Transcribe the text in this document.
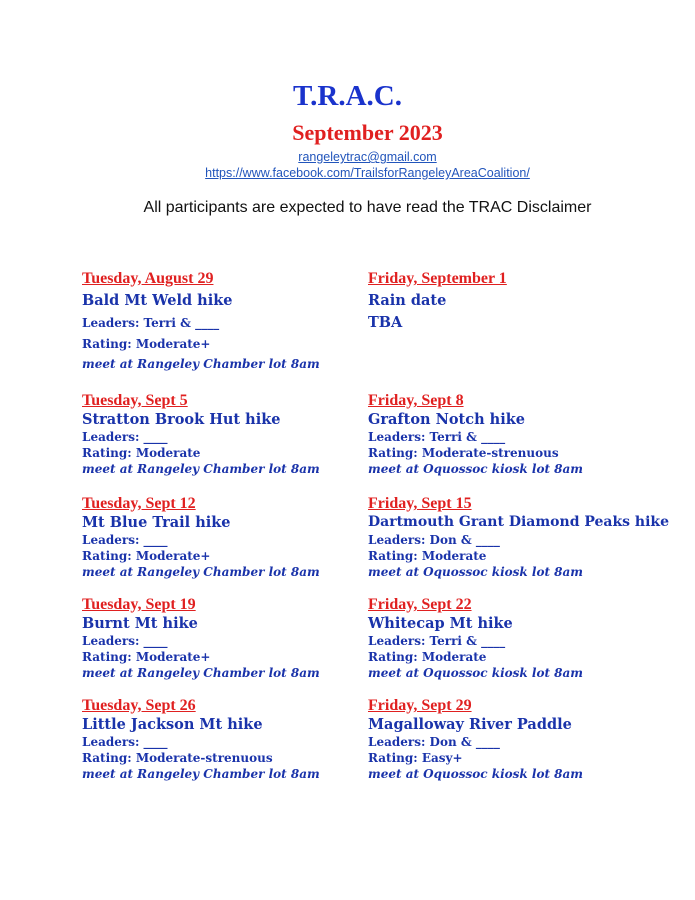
T.R.A.C.
September 2023
rangeleytrac@gmail.com
https://www.facebook.com/TrailsforRangeleyAreaCoalition/
All participants are expected to have read the TRAC Disclaimer
Tuesday, August 29
Bald Mt Weld hike
Leaders: Terri & ____
Rating: Moderate+
meet at Rangeley Chamber lot 8am
Friday, September 1
Rain date
TBA
Tuesday, Sept 5
Stratton Brook Hut hike
Leaders: ____
Rating: Moderate
meet at Rangeley Chamber lot 8am
Friday, Sept 8
Grafton Notch hike
Leaders: Terri & ____
Rating: Moderate-strenuous
meet at Oquossoc kiosk lot 8am
Tuesday, Sept 12
Mt Blue Trail hike
Leaders: ____
Rating: Moderate+
meet at Rangeley Chamber lot 8am
Friday, Sept 15
Dartmouth Grant Diamond Peaks hike
Leaders: Don & ____
Rating: Moderate
meet at Oquossoc kiosk lot 8am
Tuesday, Sept 19
Burnt Mt hike
Leaders: ____
Rating: Moderate+
meet at Rangeley Chamber lot 8am
Friday, Sept 22
Whitecap Mt hike
Leaders: Terri & ____
Rating: Moderate
meet at Oquossoc kiosk lot 8am
Tuesday, Sept 26
Little Jackson Mt hike
Leaders: ____
Rating: Moderate-strenuous
meet at Rangeley Chamber lot 8am
Friday, Sept 29
Magalloway River Paddle
Leaders: Don & ____
Rating: Easy+
meet at Oquossoc kiosk lot 8am
